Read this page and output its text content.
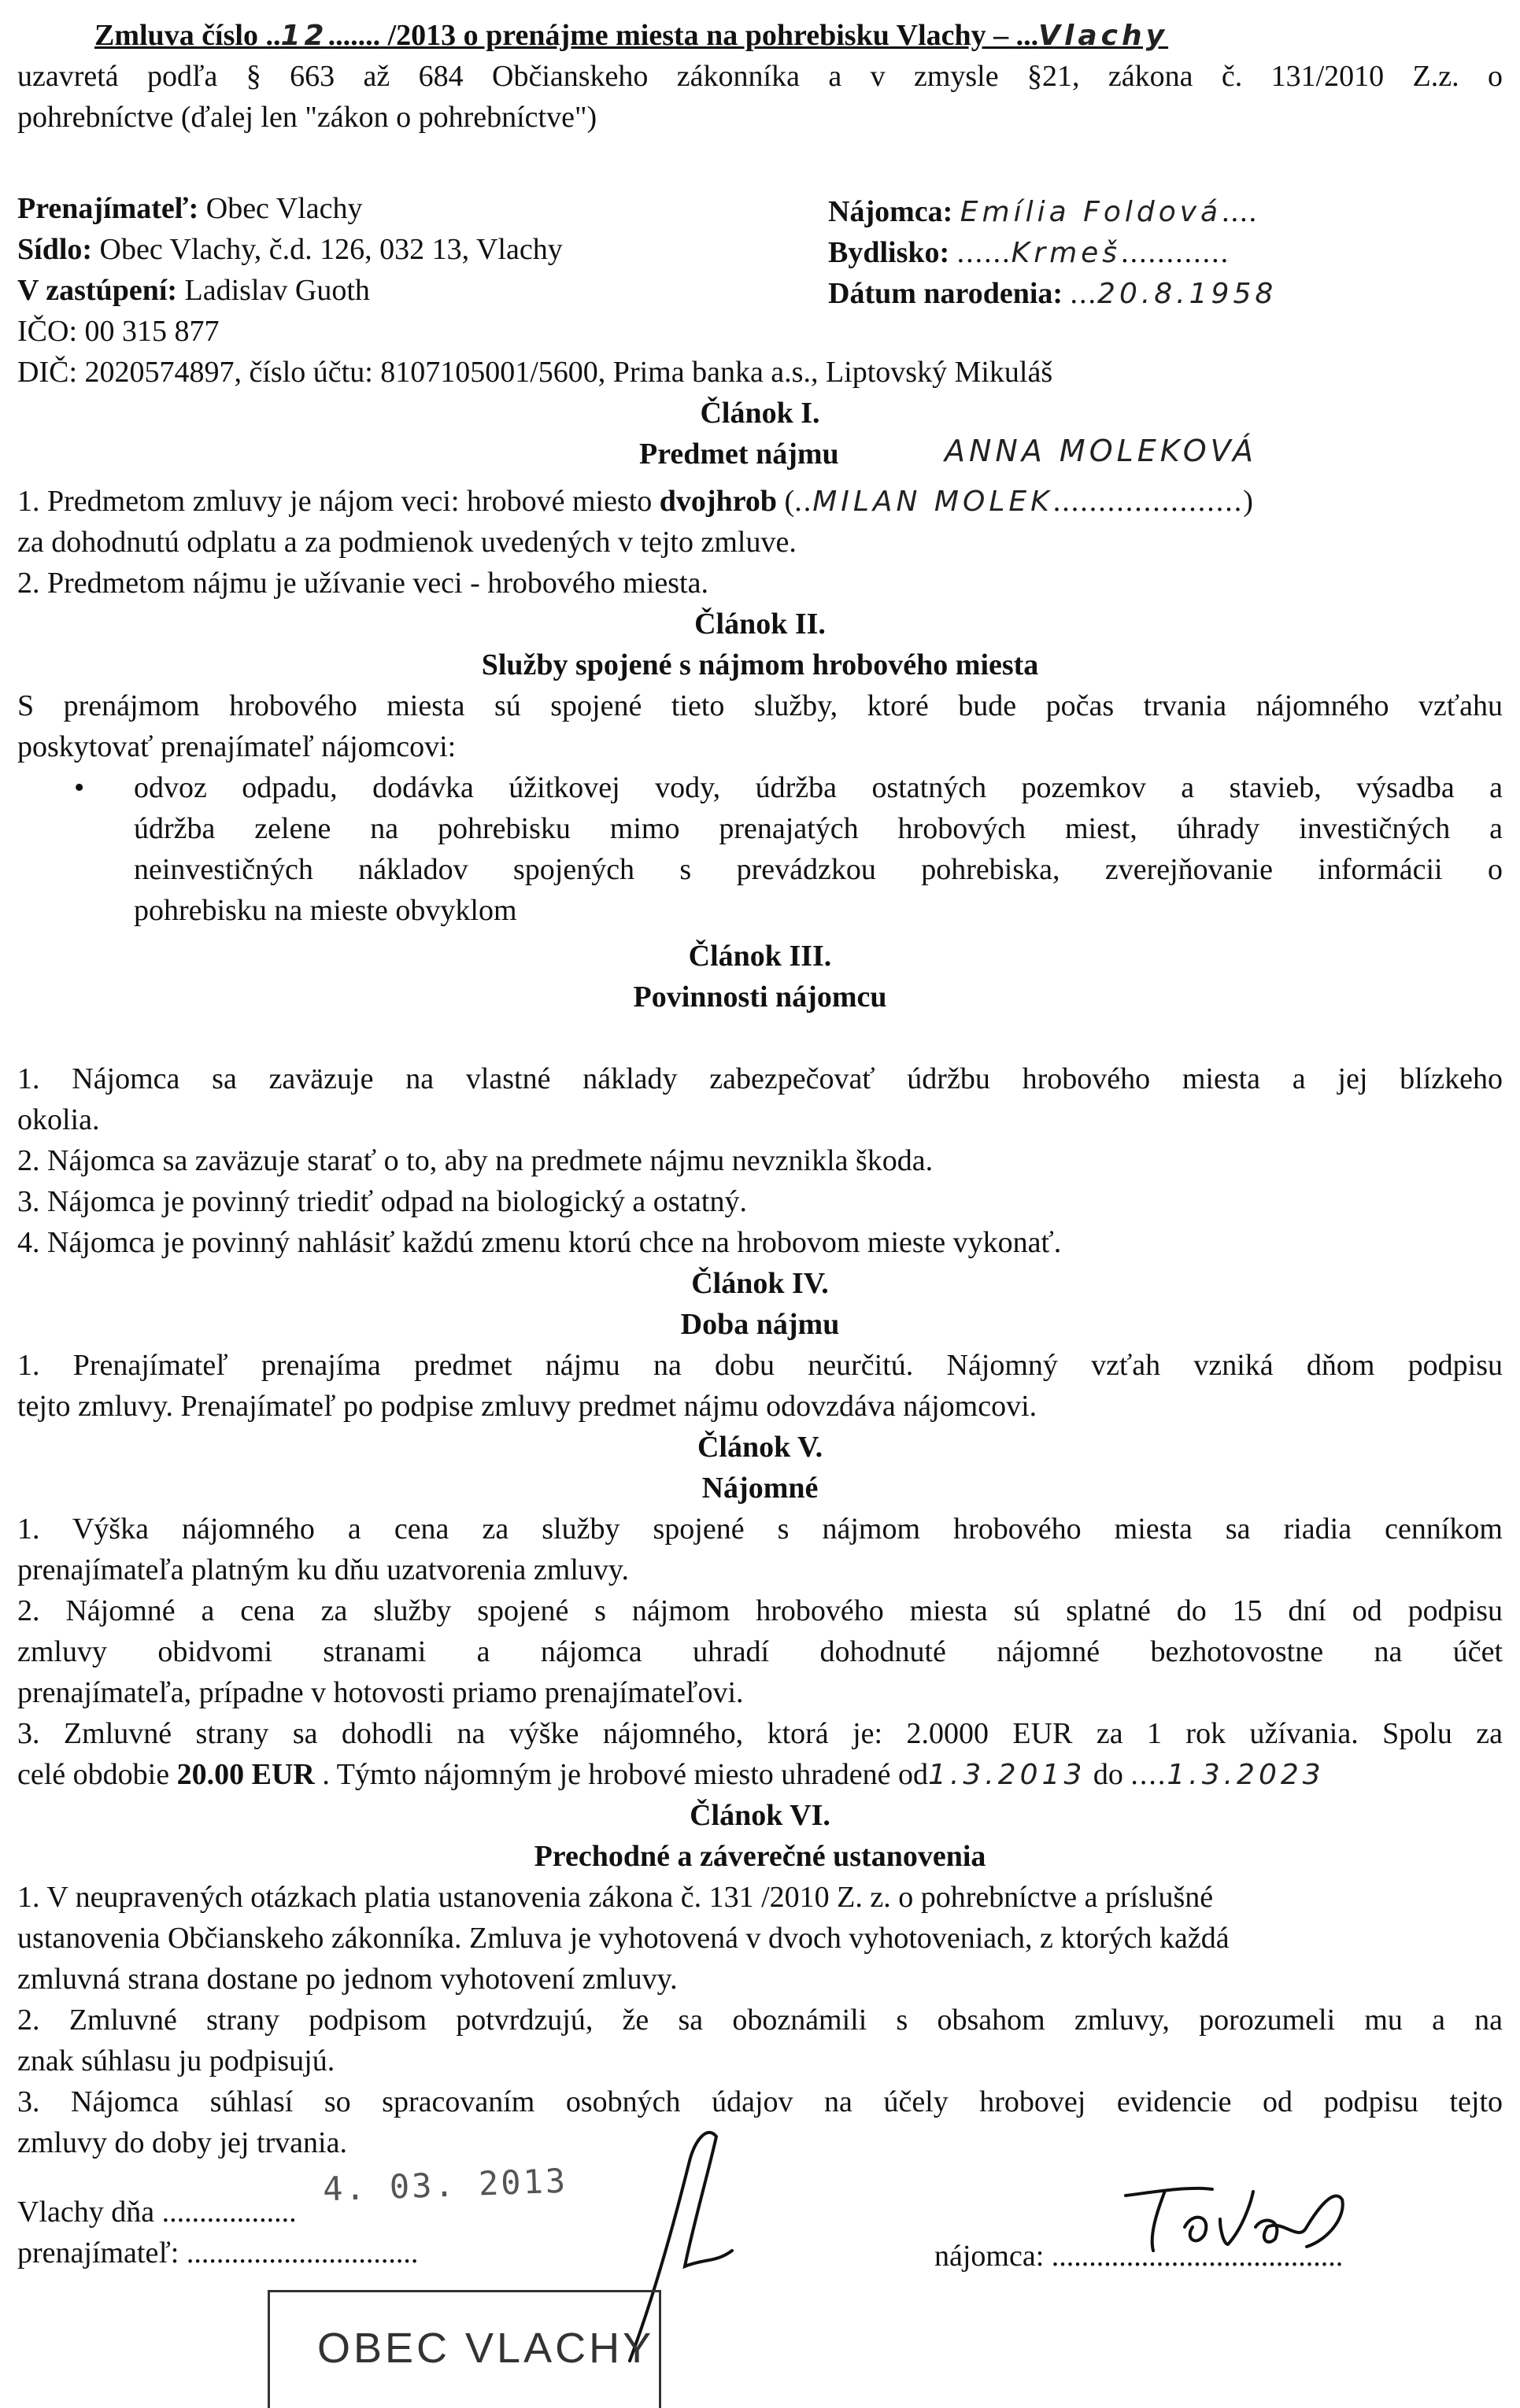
Zmluva číslo ..12....... /2013 o prenájme miesta na pohrebisku Vlachy – ...Vlachy
uzavretá podľa § 663 až 684 Občianskeho zákonníka a v zmysle §21, zákona č. 131/2010 Z.z. o
pohrebníctve (ďalej len "zákon o pohrebníctve")
Prenajímateľ: Obec Vlachy
Sídlo: Obec Vlachy, č.d. 126, 032 13, Vlachy
V zastúpení: Ladislav Guoth
IČO: 00 315 877
DIČ: 2020574897, číslo účtu: 8107105001/5600, Prima banka a.s., Liptovský Mikuláš
Nájomca: Emília Foldová....
Bydlisko: ......Krmeš............
Dátum narodenia: ...20.8.1958
Článok I.
Predmet nájmu	ANNA MOLEKOVÁ
1. Predmetom zmluvy je nájom veci: hrobové miesto dvojhrob (..MILAN MOLEK.....................)
za dohodnutú odplatu a za podmienok uvedených v tejto zmluve.
2. Predmetom nájmu je užívanie veci - hrobového miesta.
Článok II.
Služby spojené s nájmom hrobového miesta
S prenájmom hrobového miesta sú spojené tieto služby, ktoré bude počas trvania nájomného vzťahu
poskytovať prenajímateľ nájomcovi:
• odvoz odpadu, dodávka úžitkovej vody, údržba ostatných pozemkov a stavieb, výsadba a
údržba zelene na pohrebisku mimo prenajatých hrobových miest, úhrady investičných a
neinvestičných nákladov spojených s prevádzkou pohrebiska, zverejňovanie informácii o
pohrebisku na mieste obvyklom
Článok III.
Povinnosti nájomcu
1. Nájomca sa zaväzuje na vlastné náklady zabezpečovať údržbu hrobového miesta a jej blízkeho
okolia.
2. Nájomca sa zaväzuje starať o to, aby na predmete nájmu nevznikla škoda.
3. Nájomca je povinný triediť odpad na biologický a ostatný.
4. Nájomca je povinný nahlásiť každú zmenu ktorú chce na hrobovom mieste vykonať.
Článok IV.
Doba nájmu
1. Prenajímateľ prenajíma predmet nájmu na dobu neurčitú. Nájomný vzťah vzniká dňom podpisu
tejto zmluvy. Prenajímateľ po podpise zmluvy predmet nájmu odovzdáva nájomcovi.
Článok V.
Nájomné
1. Výška nájomného a cena za služby spojené s nájmom hrobového miesta sa riadia cenníkom
prenajímateľa platným ku dňu uzatvorenia zmluvy.
2. Nájomné a cena za služby spojené s nájmom hrobového miesta sú splatné do 15 dní od podpisu
zmluvy obidvomi stranami a nájomca uhradí dohodnuté nájomné bezhotovostne na účet
prenajímateľa, prípadne v hotovosti priamo prenajímateľovi.
3. Zmluvné strany sa dohodli na výške nájomného, ktorá je: 2.0000 EUR za 1 rok užívania. Spolu za
celé obdobie 20.00 EUR . Týmto nájomným je hrobové miesto uhradené od1.3.2013 do ....1.3.2023
Článok VI.
Prechodné a záverečné ustanovenia
1. V neupravených otázkach platia ustanovenia zákona č. 131 /2010 Z. z. o pohrebníctve a príslušné
ustanovenia Občianskeho zákonníka. Zmluva je vyhotovená v dvoch vyhotoveniach, z ktorých každá
zmluvná strana dostane po jednom vyhotovení zmluvy.
2. Zmluvné strany podpisom potvrdzujú, že sa oboznámili s obsahom zmluvy, porozumeli mu a na
znak súhlasu ju podpisujú.
3. Nájomca súhlasí so spracovaním osobných údajov na účely hrobovej evidencie od podpisu tejto
zmluvy do doby jej trvania.
4. 03. 2013
Vlachy dňa ..................
prenajímateľ: ...............................	nájomca: .......................................
OBEC VLACHY
